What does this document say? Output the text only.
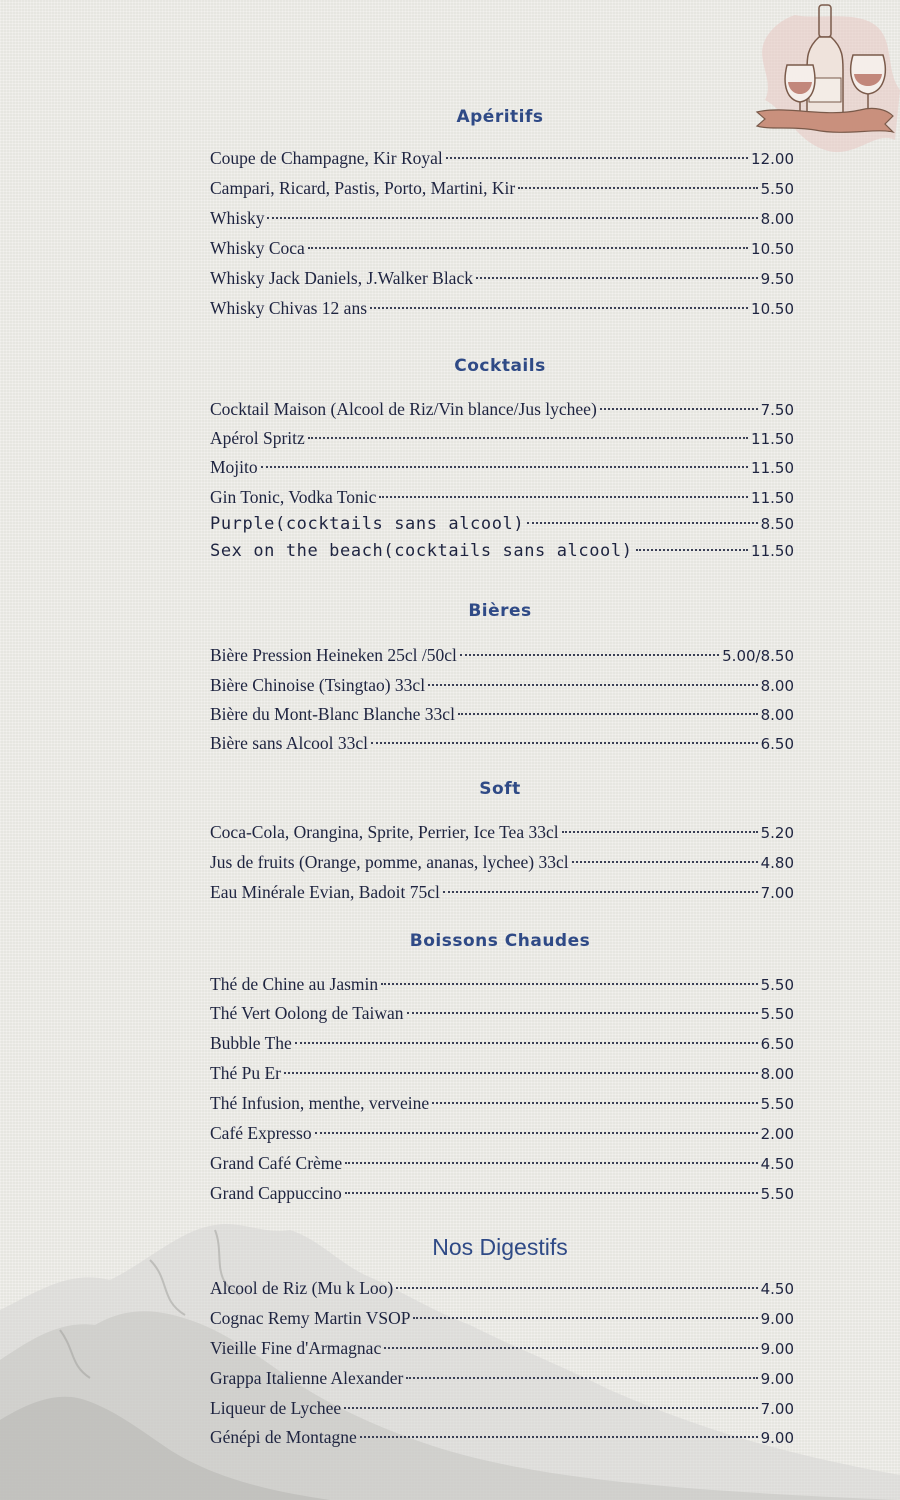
Apéritifs
Coupe de Champagne, Kir Royal	12.00
Campari, Ricard, Pastis, Porto, Martini, Kir	5.50
Whisky	8.00
Whisky Coca	10.50
Whisky Jack Daniels, J.Walker Black	9.50
Whisky Chivas 12 ans	10.50
Cocktails
Cocktail Maison (Alcool de Riz/Vin blance/Jus lychee)	7.50
Apérol Spritz	11.50
Mojito	11.50
Gin Tonic, Vodka Tonic	11.50
Purple(cocktails sans alcool)	8.50
Sex on the beach(cocktails sans alcool)	11.50
Bières
Bière Pression Heineken 25cl /50cl	5.00/8.50
Bière Chinoise (Tsingtao) 33cl	8.00
Bière du Mont-Blanc Blanche 33cl	8.00
Bière sans Alcool 33cl	6.50
Soft
Coca-Cola, Orangina, Sprite, Perrier, Ice Tea 33cl	5.20
Jus de fruits (Orange, pomme, ananas, lychee) 33cl	4.80
Eau Minérale Evian, Badoit 75cl	7.00
Boissons Chaudes
Thé de Chine au Jasmin	5.50
Thé Vert Oolong de Taiwan	5.50
Bubble The	6.50
Thé Pu Er	8.00
Thé Infusion, menthe, verveine	5.50
Café Expresso	2.00
Grand Café Crème	4.50
Grand Cappuccino	5.50
Nos Digestifs
Alcool de Riz (Mu k Loo)	4.50
Cognac Remy Martin VSOP	9.00
Vieille Fine d'Armagnac	9.00
Grappa Italienne Alexander	9.00
Liqueur de Lychee	7.00
Génépi de Montagne	9.00
